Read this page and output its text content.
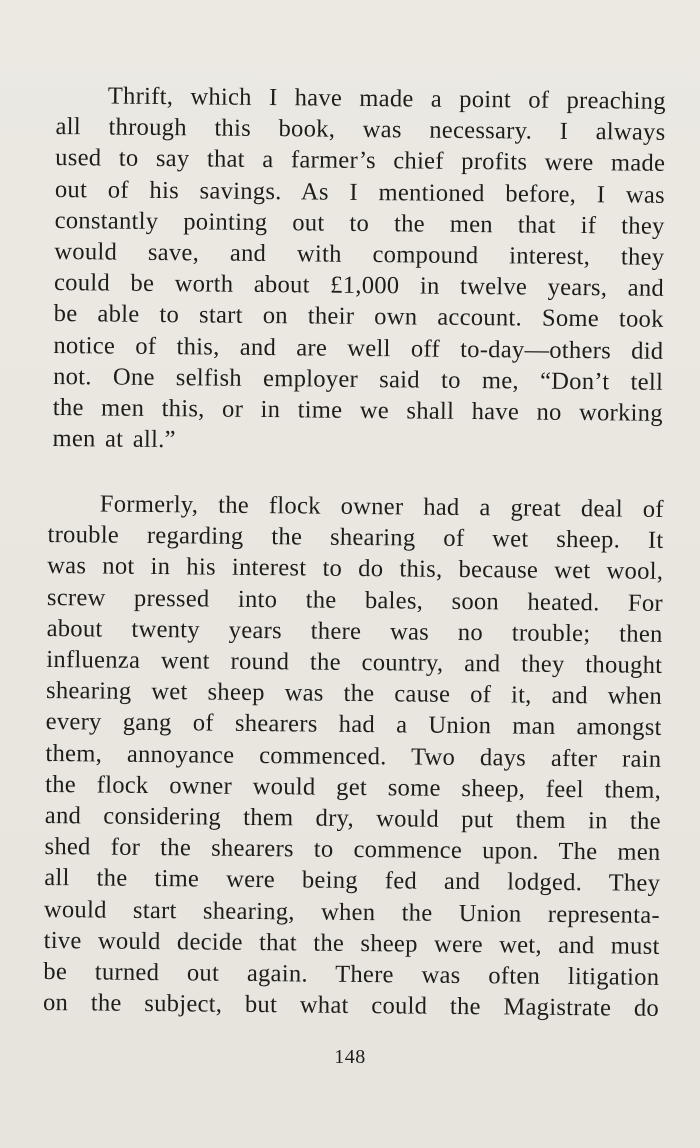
Thrift, which I have made a point of preaching
all through this book, was necessary. I always
used to say that a farmer’s chief profits were made
out of his savings. As I mentioned before, I was
constantly pointing out to the men that if they
would save, and with compound interest, they
could be worth about £1,000 in twelve years, and
be able to start on their own account. Some took
notice of this, and are well off to-day—others did
not. One selfish employer said to me, “Don’t tell
the men this, or in time we shall have no working
men at all.”
Formerly, the flock owner had a great deal of
trouble regarding the shearing of wet sheep. It
was not in his interest to do this, because wet wool,
screw pressed into the bales, soon heated. For
about twenty years there was no trouble; then
influenza went round the country, and they thought
shearing wet sheep was the cause of it, and when
every gang of shearers had a Union man amongst
them, annoyance commenced. Two days after rain
the flock owner would get some sheep, feel them,
and considering them dry, would put them in the
shed for the shearers to commence upon. The men
all the time were being fed and lodged. They
would start shearing, when the Union representa-
tive would decide that the sheep were wet, and must
be turned out again. There was often litigation
on the subject, but what could the Magistrate do
148
